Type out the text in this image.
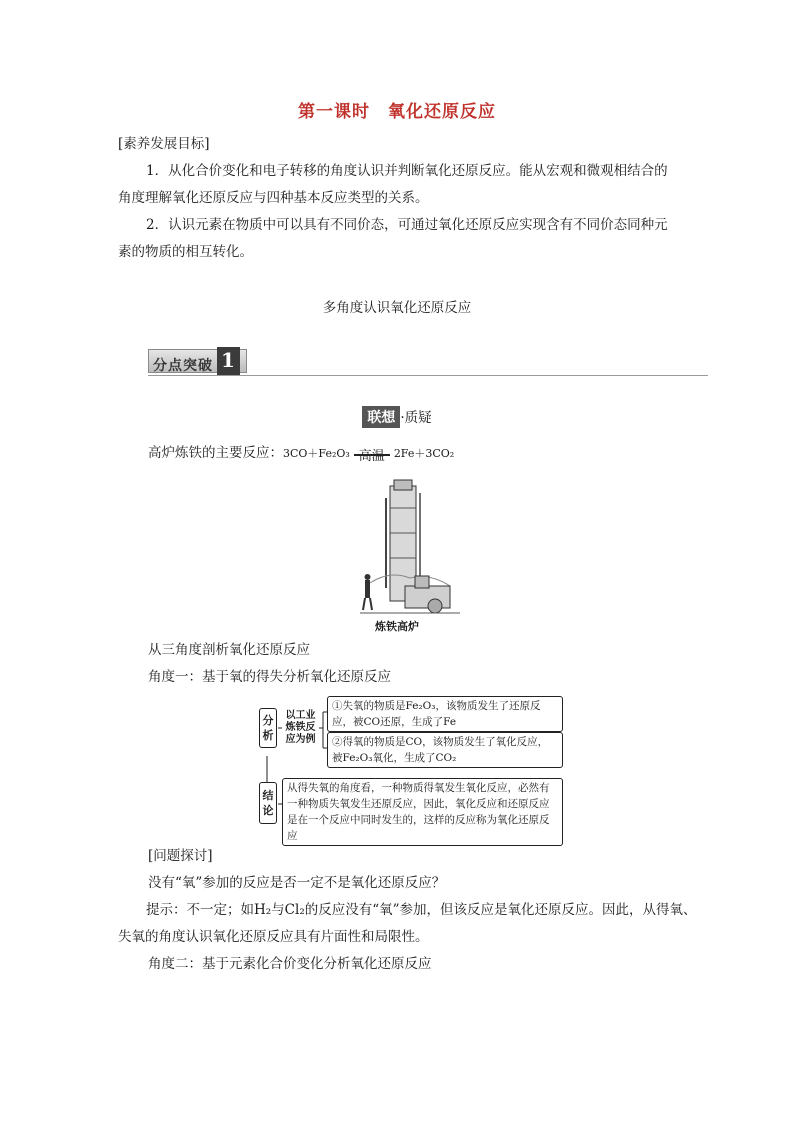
第一课时　氧化还原反应
[素养发展目标]
1．从化合价变化和电子转移的角度认识并判断氧化还原反应。能从宏观和微观相结合的角度理解氧化还原反应与四种基本反应类型的关系。
2．认识元素在物质中可以具有不同价态，可通过氧化还原反应实现含有不同价态同种元素的物质的相互转化。
多角度认识氧化还原反应
分点突破 1
联想 ·质疑
高炉炼铁的主要反应：3CO＋Fe₂O₃ 高温 2Fe＋3CO₂
炼铁高炉
从三角度剖析氧化还原反应
角度一：基于氧的得失分析氧化还原反应
分析
以工业炼铁反应为例
①失氧的物质是Fe₂O₃，该物质发生了还原反应，被CO还原，生成了Fe
②得氧的物质是CO，该物质发生了氧化反应，被Fe₂O₃氧化，生成了CO₂
结论
从得失氧的角度看，一种物质得氧发生氧化反应，必然有一种物质失氧发生还原反应，因此，氧化反应和还原反应是在一个反应中同时发生的，这样的反应称为氧化还原反应
[问题探讨]
没有“氧”参加的反应是否一定不是氧化还原反应？
提示：不一定；如H₂与Cl₂的反应没有“氧”参加，但该反应是氧化还原反应。因此，从得氧、失氧的角度认识氧化还原反应具有片面性和局限性。
角度二：基于元素化合价变化分析氧化还原反应
